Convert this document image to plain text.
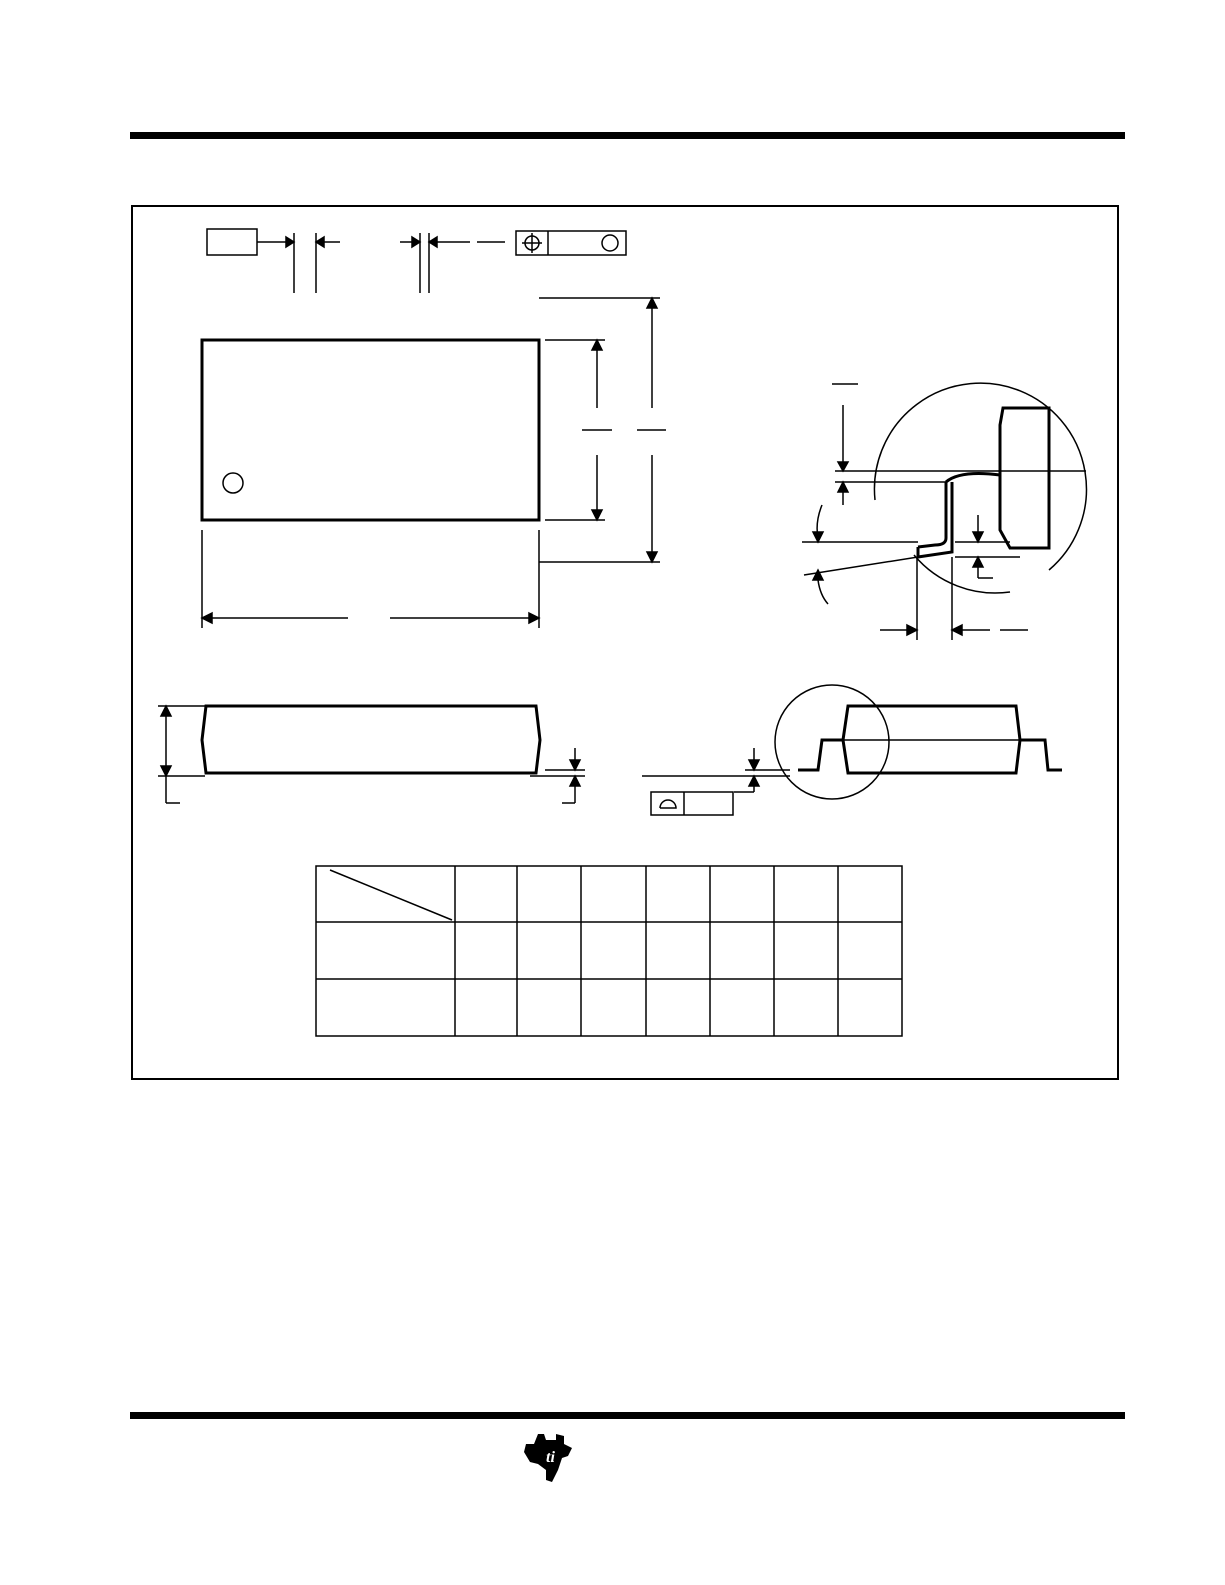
ti
